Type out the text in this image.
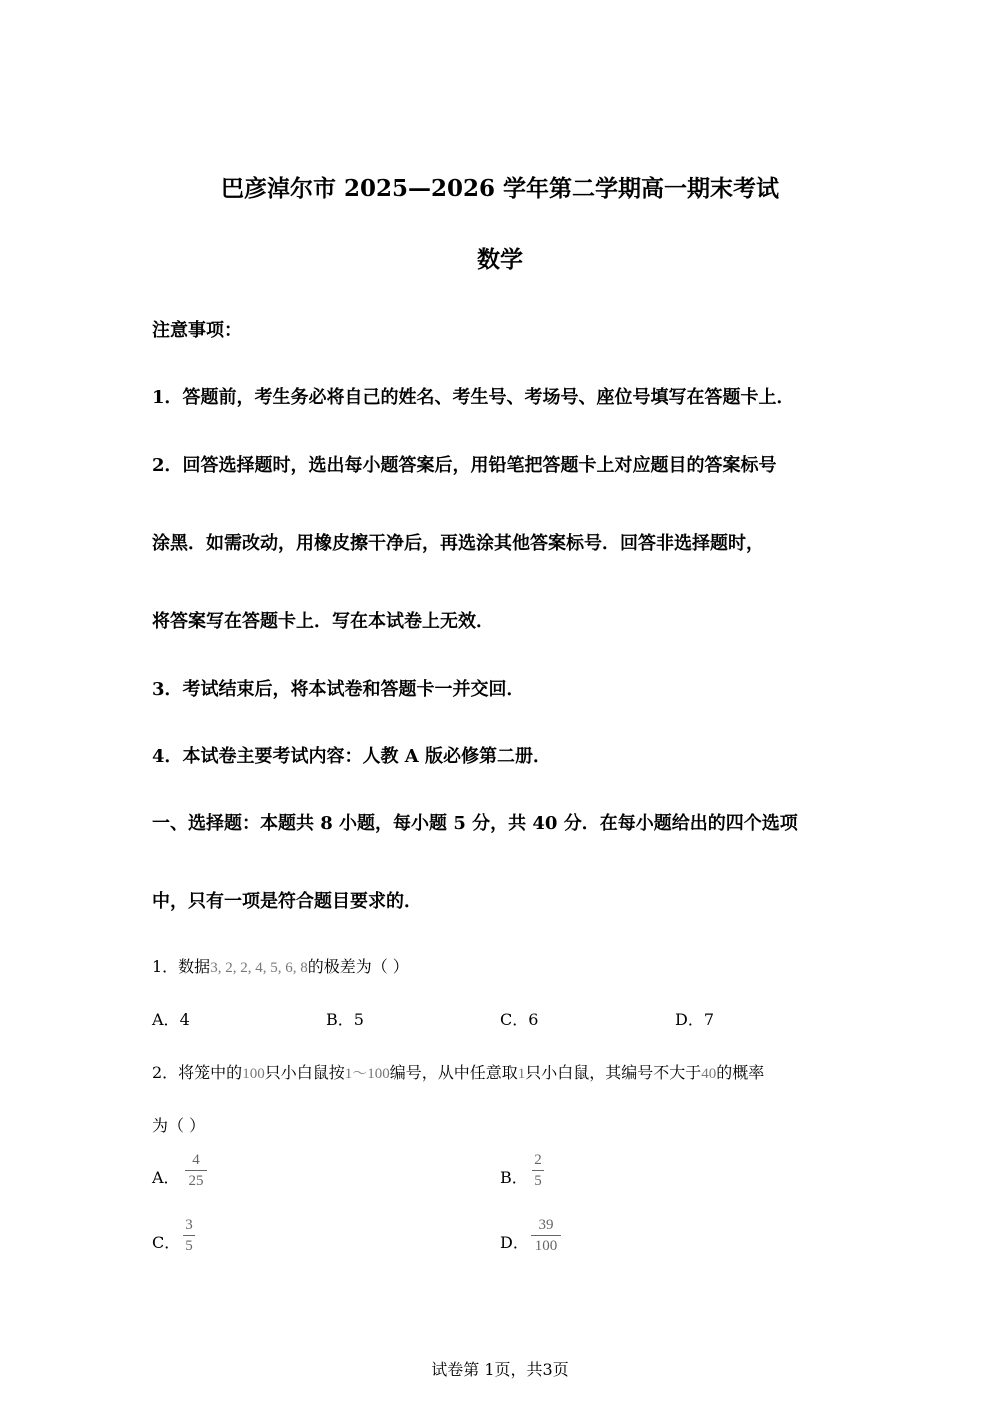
巴彦淖尔市 2025—2026 学年第二学期高一期末考试
数学
注意事项：
1．答题前，考生务必将自己的姓名、考生号、考场号、座位号填写在答题卡上．
2．回答选择题时，选出每小题答案后，用铅笔把答题卡上对应题目的答案标号
涂黑．如需改动，用橡皮擦干净后，再选涂其他答案标号．回答非选择题时，
将答案写在答题卡上．写在本试卷上无效．
3．考试结束后，将本试卷和答题卡一并交回．
4．本试卷主要考试内容：人教 A 版必修第二册．
一、选择题：本题共 8 小题，每小题 5 分，共 40 分．在每小题给出的四个选项
中，只有一项是符合题目要求的．
1．数据3, 2, 2, 4, 5, 6, 8的极差为（ ）
A．4	B．5	C．6	D．7
2．将笼中的100只小白鼠按1～100编号，从中任意取1只小白鼠，其编号不大于40的概率
为（ ）
A．
4
25	B．
2
5
C．
3
5	D．
39
100
试卷第 1页，共3页
